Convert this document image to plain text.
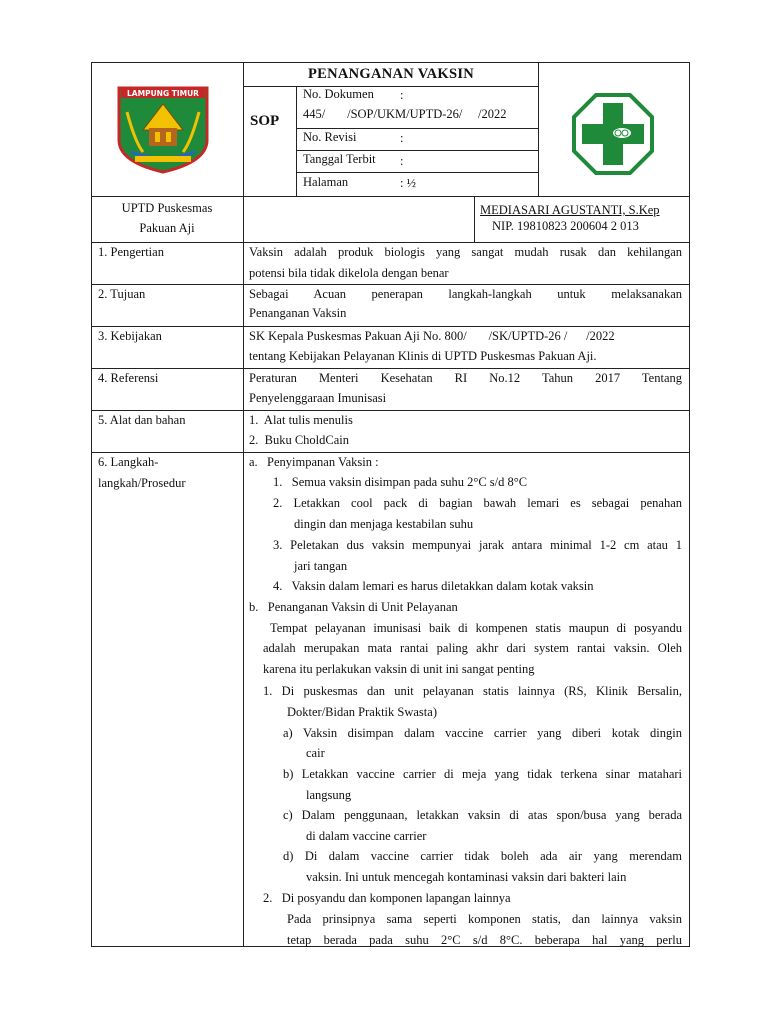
LAMPUNG TIMUR
PENANGANAN VAKSIN
SOP
No. Dokumen :
445/       /SOP/UKM/UPTD-26/     /2022
No. Revisi	:
Tanggal Terbit :
Halaman	: ½
UPTD Puskesmas
Pakuan Aji
MEDIASARI AGUSTANTI, S.Kep
NIP. 19810823 200604 2 013
1. Pengertian	Vaksin adalah produk biologis yang sangat mudah rusak dan kehilangan
potensi bila tidak dikelola dengan benar
2. Tujuan	Sebagai Acuan penerapan langkah-langkah untuk melaksanakan
Penanganan Vaksin
3. Kebijakan	SK Kepala Puskesmas Pakuan Aji No. 800/       /SK/UPTD-26 /      /2022
tentang Kebijakan Pelayanan Klinis di UPTD Puskesmas Pakuan Aji.
4. Referensi	Peraturan Menteri Kesehatan RI No.12 Tahun 2017 Tentang
Penyelenggaraan Imunisasi
5. Alat dan bahan	1.  Alat tulis menulis
2.  Buku CholdCain
6. Langkah-
langkah/Prosedur
a.   Penyimpanan Vaksin :
1.   Semua vaksin disimpan pada suhu 2°C s/d 8°C
2. Letakkan cool pack di bagian bawah lemari es sebagai penahan
dingin dan menjaga kestabilan suhu
3. Peletakan dus vaksin mempunyai jarak antara minimal 1-2 cm atau 1
jari tangan
4.   Vaksin dalam lemari es harus diletakkan dalam kotak vaksin
b.   Penanganan Vaksin di Unit Pelayanan
Tempat pelayanan imunisasi baik di kompenen statis maupun di posyandu
adalah merupakan mata rantai paling akhr dari system rantai vaksin. Oleh
karena itu perlakukan vaksin di unit ini sangat penting
1. Di puskesmas dan unit pelayanan statis lainnya (RS, Klinik Bersalin,
Dokter/Bidan Praktik Swasta)
a) Vaksin disimpan dalam vaccine carrier yang diberi kotak dingin
cair
b) Letakkan vaccine carrier di meja yang tidak terkena sinar matahari
langsung
c) Dalam penggunaan, letakkan vaksin di atas spon/busa yang berada
di dalam vaccine carrier
d) Di dalam vaccine carrier tidak boleh ada air yang merendam
vaksin. Ini untuk mencegah kontaminasi vaksin dari bakteri lain
2.   Di posyandu dan komponen lapangan lainnya
Pada prinsipnya sama seperti komponen statis, dan lainnya vaksin
tetap berada pada suhu 2°C s/d 8°C. beberapa hal yang perlu
